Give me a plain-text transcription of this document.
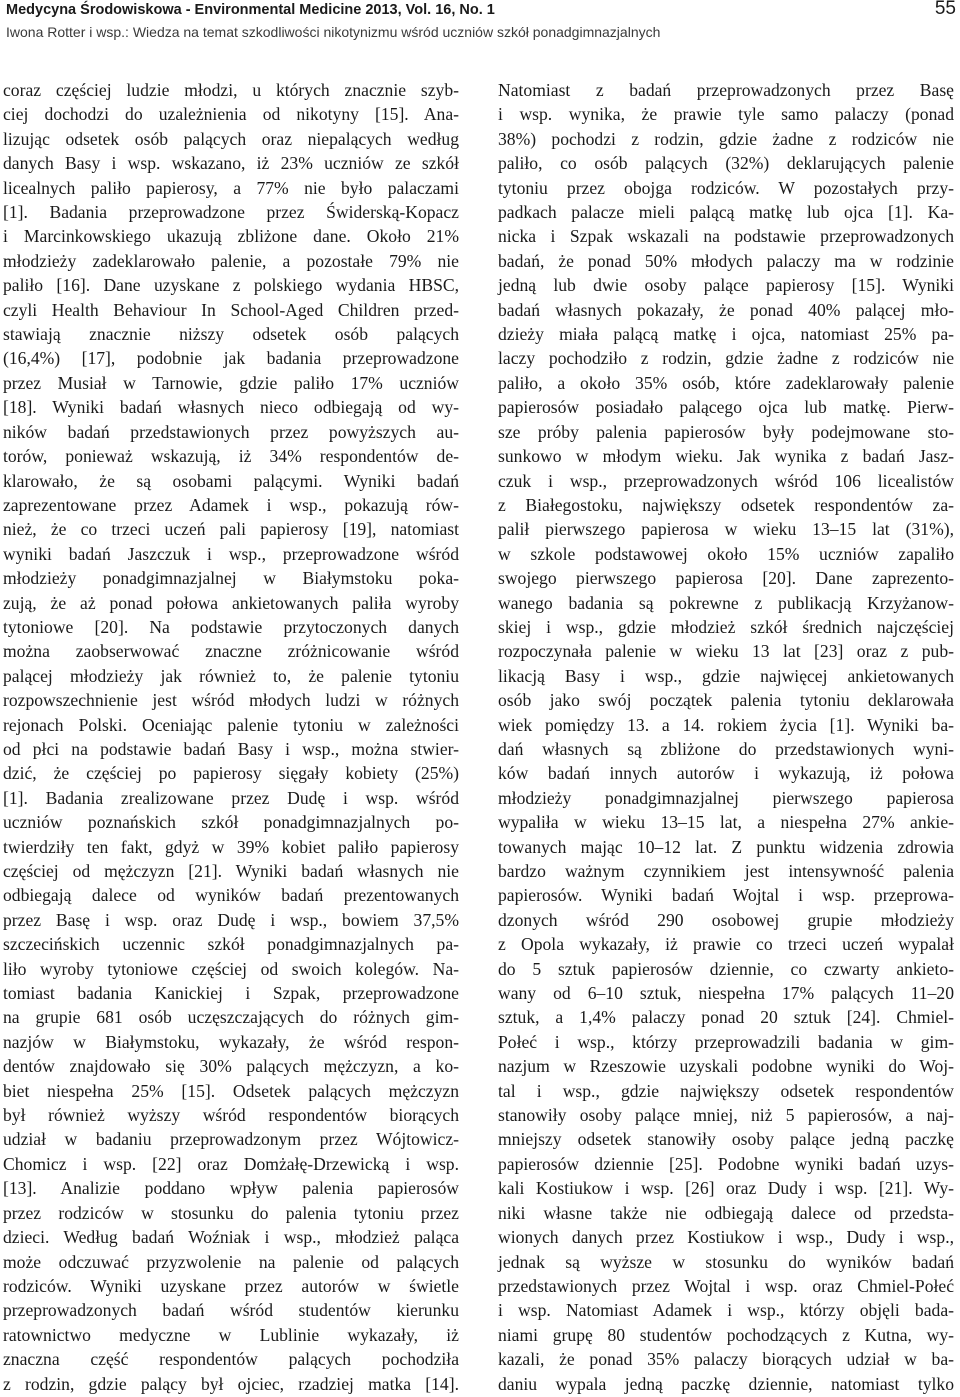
Medycyna Środowiskowa - Environmental Medicine 2013, Vol. 16, No. 1
Iwona Rotter i wsp.: Wiedza na temat szkodliwości nikotynizmu wśród uczniów szkół ponadgimnazjalnych
55

coraz częściej ludzie młodzi, u których znacznie szyb-
ciej dochodzi do uzależnienia od nikotyny [15]. Ana-
lizując odsetek osób palących oraz niepalących według
danych Basy i wsp. wskazano, iż 23% uczniów ze szkół
licealnych paliło papierosy, a 77% nie było palaczami
[1]. Badania przeprowadzone przez Świderską-Kopacz
i Marcinkowskiego ukazują zbliżone dane. Około 21%
młodzieży zadeklarowało palenie, a pozostałe 79% nie
paliło [16]. Dane uzyskane z polskiego wydania HBSC,
czyli Health Behaviour In School-Aged Children przed-
stawiają znacznie niższy odsetek osób palących
(16,4%) [17], podobnie jak badania przeprowadzone
przez Musiał w Tarnowie, gdzie paliło 17% uczniów
[18]. Wyniki badań własnych nieco odbiegają od wy-
ników badań przedstawionych przez powyższych au-
torów, ponieważ wskazują, iż 34% respondentów de-
klarowało, że są osobami palącymi. Wyniki badań
zaprezentowane przez Adamek i wsp., pokazują rów-
nież, że co trzeci uczeń pali papierosy [19], natomiast
wyniki badań Jaszczuk i wsp., przeprowadzone wśród
młodzieży ponadgimnazjalnej w Białymstoku poka-
zują, że aż ponad połowa ankietowanych paliła wyroby
tytoniowe [20]. Na podstawie przytoczonych danych
można zaobserwować znaczne zróżnicowanie wśród
palącej młodzieży jak również to, że palenie tytoniu
rozpowszechnienie jest wśród młodych ludzi w różnych
rejonach Polski. Oceniając palenie tytoniu w zależności
od płci na podstawie badań Basy i wsp., można stwier-
dzić, że częściej po papierosy sięgały kobiety (25%)
[1]. Badania zrealizowane przez Dudę i wsp. wśród
uczniów poznańskich szkół ponadgimnazjalnych po-
twierdziły ten fakt, gdyż w 39% kobiet paliło papierosy
częściej od mężczyzn [21]. Wyniki badań własnych nie
odbiegają dalece od wyników badań prezentowanych
przez Basę i wsp. oraz Dudę i wsp., bowiem 37,5%
szczecińskich uczennic szkół ponadgimnazjalnych pa-
liło wyroby tytoniowe częściej od swoich kolegów. Na-
tomiast badania Kanickiej i Szpak, przeprowadzone
na grupie 681 osób uczęszczających do różnych gim-
nazjów w Białymstoku, wykazały, że wśród respon-
dentów znajdowało się 30% palących mężczyzn, a ko-
biet niespełna 25% [15]. Odsetek palących mężczyzn
był również wyższy wśród respondentów biorących
udział w badaniu przeprowadzonym przez Wójtowicz-
Chomicz i wsp. [22] oraz Domżałę-Drzewicką i wsp.
[13]. Analizie poddano wpływ palenia papierosów
przez rodziców w stosunku do palenia tytoniu przez
dzieci. Według badań Woźniak i wsp., młodzież paląca
może odczuwać przyzwolenie na palenie od palących
rodziców. Wyniki uzyskane przez autorów w świetle
przeprowadzonych badań wśród studentów kierunku
ratownictwo medyczne w Lublinie wykazały, iż
znaczna część respondentów palących pochodziła
z rodzin, gdzie palący był ojciec, rzadziej matka [14].

Natomiast z badań przeprowadzonych przez Basę
i wsp. wynika, że prawie tyle samo palaczy (ponad
38%) pochodzi z rodzin, gdzie żadne z rodziców nie
paliło, co osób palących (32%) deklarujących palenie
tytoniu przez obojga rodziców. W pozostałych przy-
padkach palacze mieli palącą matkę lub ojca [1]. Ka-
nicka i Szpak wskazali na podstawie przeprowadzonych
badań, że ponad 50% młodych palaczy ma w rodzinie
jedną lub dwie osoby palące papierosy [15]. Wyniki
badań własnych pokazały, że ponad 40% palącej mło-
dzieży miała palącą matkę i ojca, natomiast 25% pa-
laczy pochodziło z rodzin, gdzie żadne z rodziców nie
paliło, a około 35% osób, które zadeklarowały palenie
papierosów posiadało palącego ojca lub matkę. Pierw-
sze próby palenia papierosów były podejmowane sto-
sunkowo w młodym wieku. Jak wynika z badań Jasz-
czuk i wsp., przeprowadzonych wśród 106 licealistów
z Białegostoku, największy odsetek respondentów za-
palił pierwszego papierosa w wieku 13–15 lat (31%),
w szkole podstawowej około 15% uczniów zapaliło
swojego pierwszego papierosa [20]. Dane zaprezento-
wanego badania są pokrewne z publikacją Krzyżanow-
skiej i wsp., gdzie młodzież szkół średnich najczęściej
rozpoczynała palenie w wieku 13 lat [23] oraz z pub-
likacją Basy i wsp., gdzie najwięcej ankietowanych
osób jako swój początek palenia tytoniu deklarowała
wiek pomiędzy 13. a 14. rokiem życia [1]. Wyniki ba-
dań własnych są zbliżone do przedstawionych wyni-
ków badań innych autorów i wykazują, iż połowa
młodzieży ponadgimnazjalnej pierwszego papierosa
wypaliła w wieku 13–15 lat, a niespełna 27% ankie-
towanych mając 10–12 lat. Z punktu widzenia zdrowia
bardzo ważnym czynnikiem jest intensywność palenia
papierosów. Wyniki badań Wojtal i wsp. przeprowa-
dzonych wśród 290 osobowej grupie młodzieży
z Opola wykazały, iż prawie co trzeci uczeń wypalał
do 5 sztuk papierosów dziennie, co czwarty ankieto-
wany od 6–10 sztuk, niespełna 17% palących 11–20
sztuk, a 1,4% palaczy ponad 20 sztuk [24]. Chmiel-
Połeć i wsp., którzy przeprowadzili badania w gim-
nazjum w Rzeszowie uzyskali podobne wyniki do Woj-
tal i wsp., gdzie największy odsetek respondentów
stanowiły osoby palące mniej, niż 5 papierosów, a naj-
mniejszy odsetek stanowiły osoby palące jedną paczkę
papierosów dziennie [25]. Podobne wyniki badań uzys-
kali Kostiukow i wsp. [26] oraz Dudy i wsp. [21]. Wy-
niki własne także nie odbiegają dalece od przedsta-
wionych danych przez Kostiukow i wsp., Dudy i wsp.,
jednak są wyższe w stosunku do wyników badań
przedstawionych przez Wojtal i wsp. oraz Chmiel-Połeć
i wsp. Natomiast Adamek i wsp., którzy objęli bada-
niami grupę 80 studentów pochodzących z Kutna, wy-
kazali, że ponad 35% palaczy biorących udział w ba-
daniu wypala jedną paczkę dziennie, natomiast tylko
